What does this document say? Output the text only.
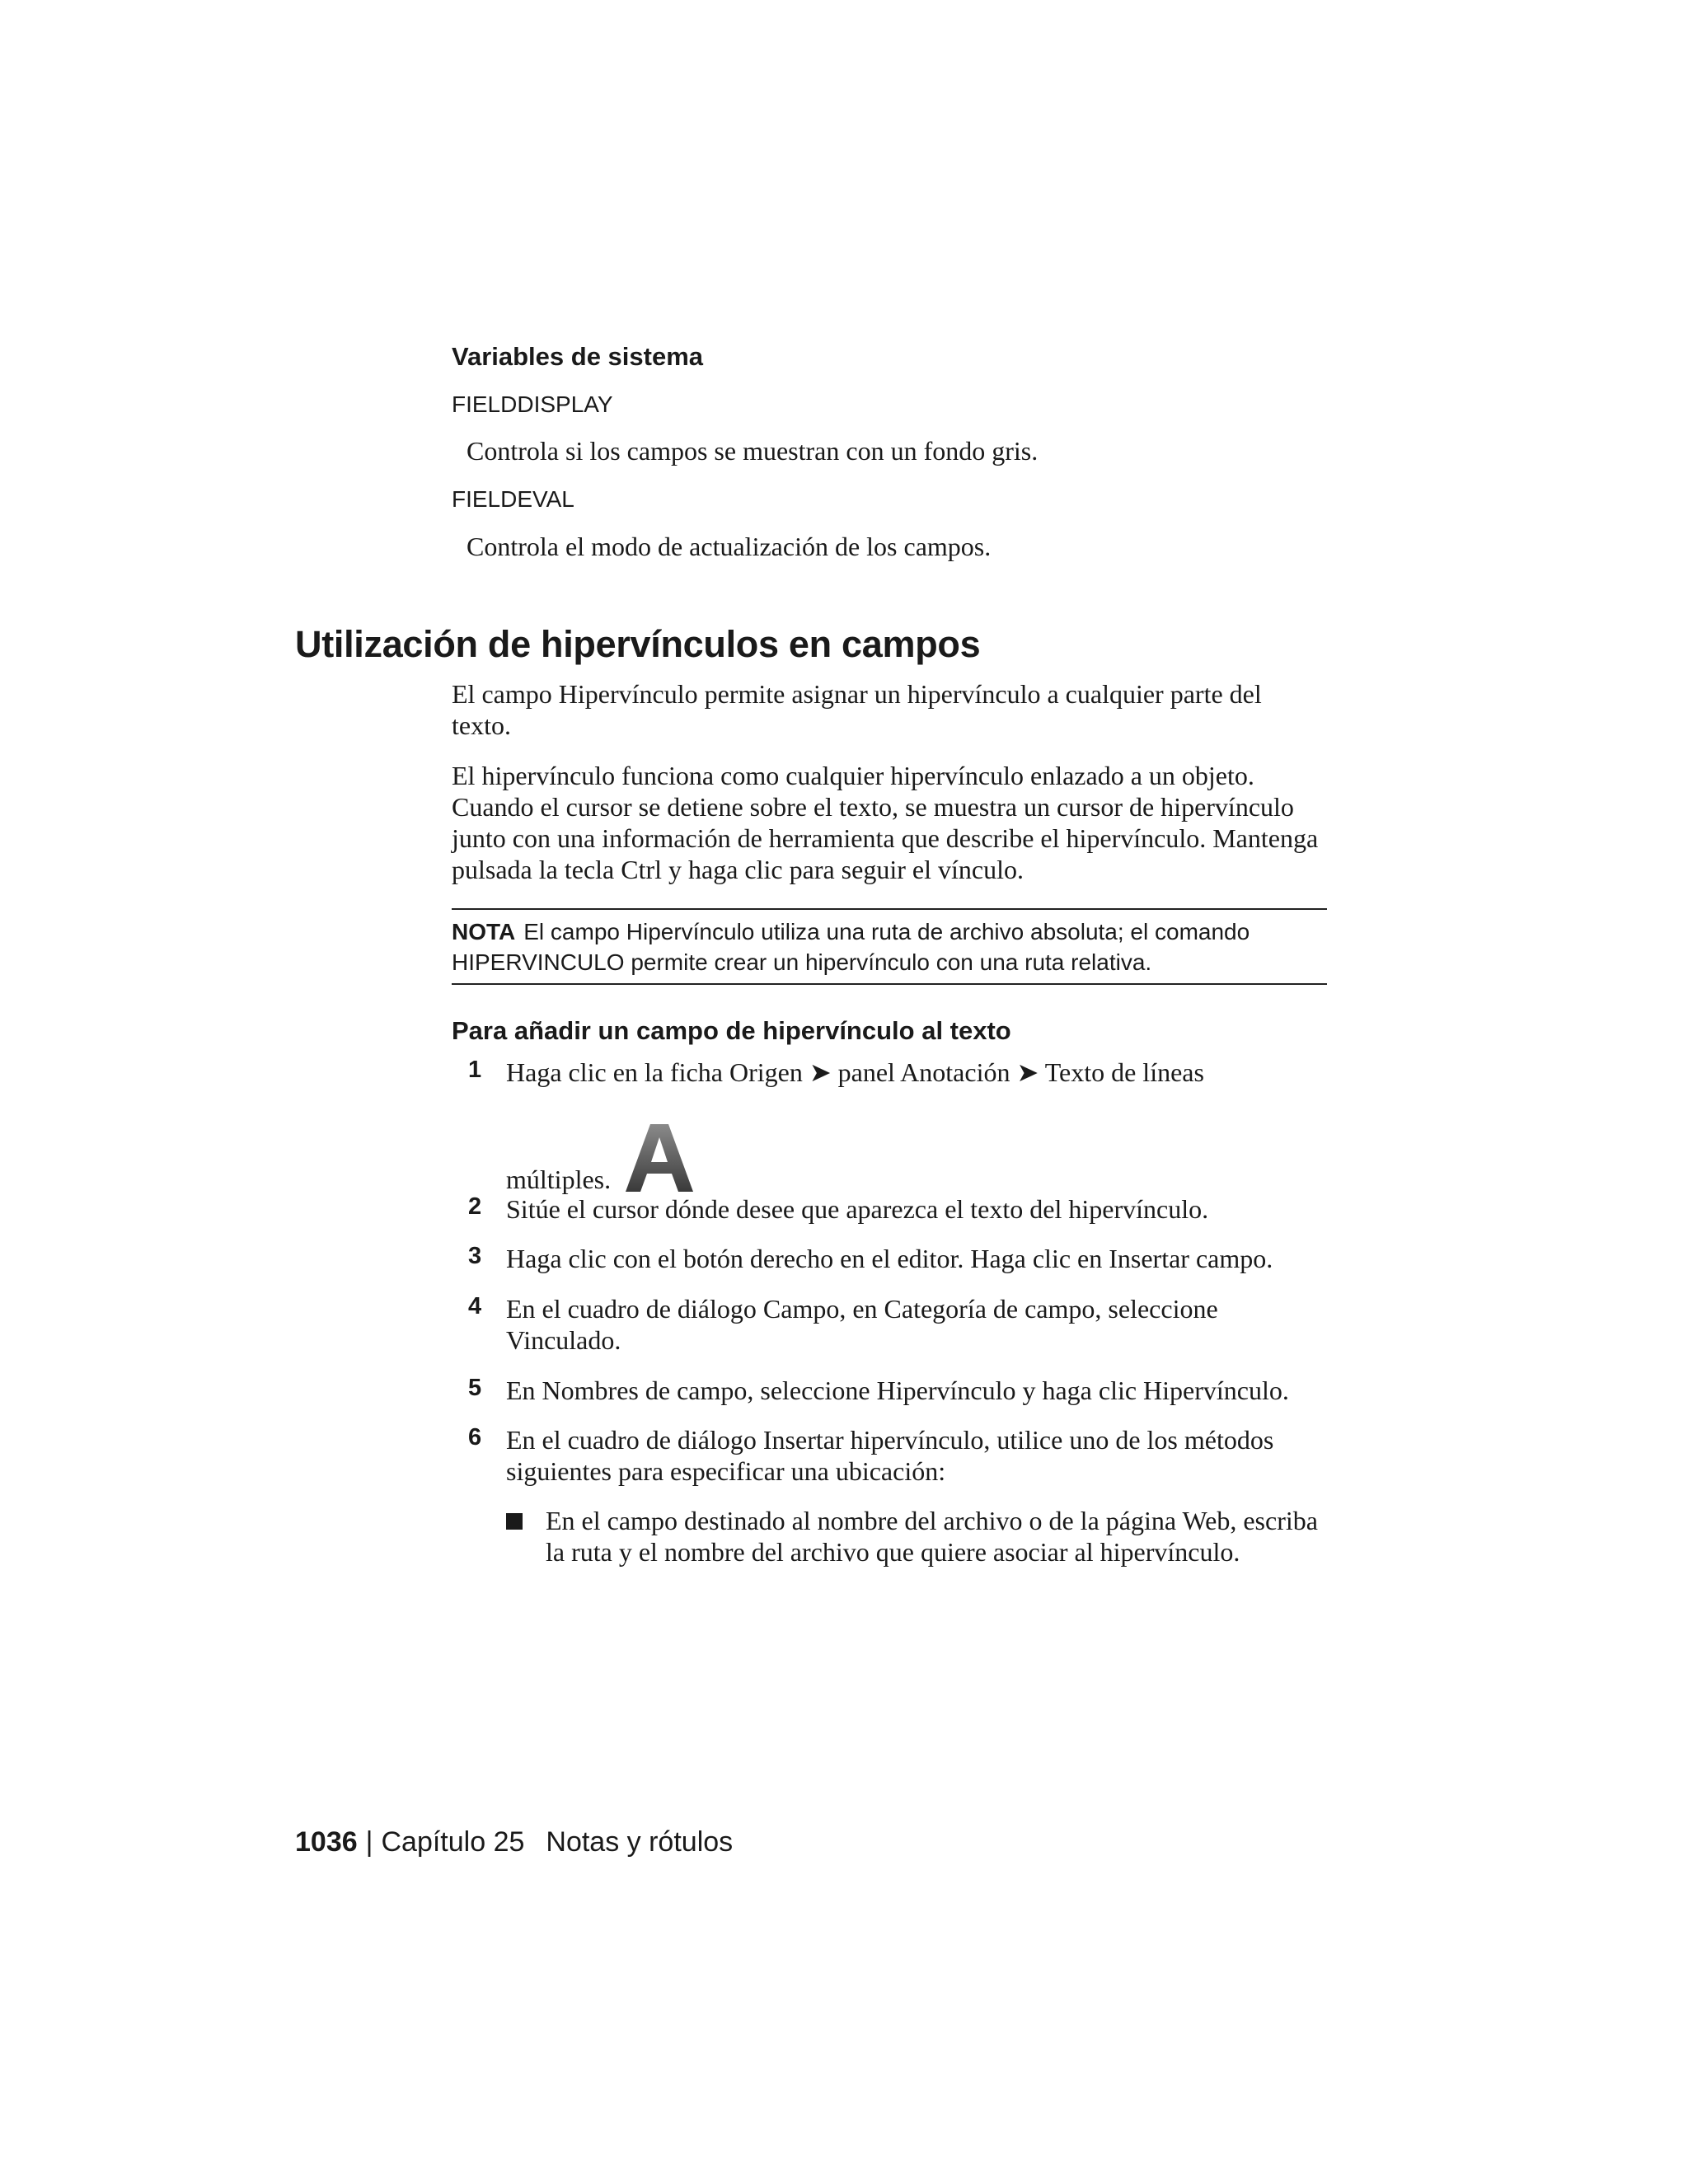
Variables de sistema
FIELDDISPLAY
Controla si los campos se muestran con un fondo gris.
FIELDEVAL
Controla el modo de actualización de los campos.
Utilización de hipervínculos en campos

El campo Hipervínculo permite asignar un hipervínculo a cualquier parte del texto.

El hipervínculo funciona como cualquier hipervínculo enlazado a un objeto. Cuando el cursor se detiene sobre el texto, se muestra un cursor de hipervínculo junto con una información de herramienta que describe el hipervínculo. Mantenga pulsada la tecla Ctrl y haga clic para seguir el vínculo.

NOTA El campo Hipervínculo utiliza una ruta de archivo absoluta; el comando HIPERVINCULO permite crear un hipervínculo con una ruta relativa.

Para añadir un campo de hipervínculo al texto
1 Haga clic en la ficha Origen ➤ panel Anotación ➤ Texto de líneas
múltiples.

2 Sitúe el cursor dónde desee que aparezca el texto del hipervínculo.

3 Haga clic con el botón derecho en el editor. Haga clic en Insertar campo.

4 En el cuadro de diálogo Campo, en Categoría de campo, seleccione Vinculado.

5 En Nombres de campo, seleccione Hipervínculo y haga clic Hipervínculo.

6 En el cuadro de diálogo Insertar hipervínculo, utilice uno de los métodos siguientes para especificar una ubicación:

En el campo destinado al nombre del archivo o de la página Web, escriba la ruta y el nombre del archivo que quiere asociar al hipervínculo.

1036 | Capítulo 25 Notas y rótulos
